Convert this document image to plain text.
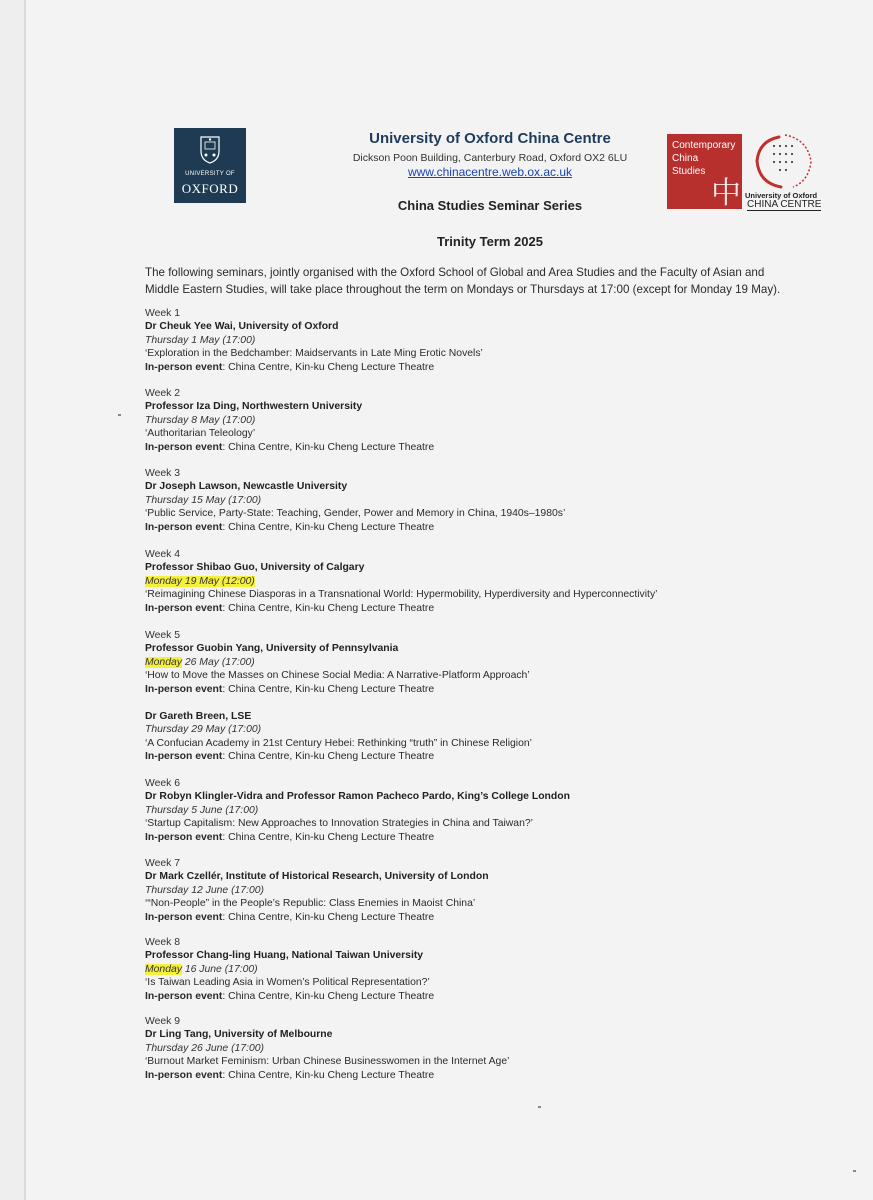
UNIVERSITY OF
OXFORD
University of Oxford China Centre
Dickson Poon Building, Canterbury Road, Oxford OX2 6LU
www.chinacentre.web.ox.ac.uk
China Studies Seminar Series
Trinity Term 2025
Contemporary
China
Studies
中 University of Oxford
CHINA CENTRE
The following seminars, jointly organised with the Oxford School of Global and Area Studies and the Faculty of Asian and Middle Eastern Studies, will take place throughout the term on Mondays or Thursdays at 17:00 (except for Monday 19 May).
Week 1
Dr Cheuk Yee Wai, University of Oxford
Thursday 1 May (17:00)
‘Exploration in the Bedchamber: Maidservants in Late Ming Erotic Novels’
In-person event: China Centre, Kin-ku Cheng Lecture Theatre
Week 2
Professor Iza Ding, Northwestern University
Thursday 8 May (17:00)
‘Authoritarian Teleology’
In-person event: China Centre, Kin-ku Cheng Lecture Theatre
Week 3
Dr Joseph Lawson, Newcastle University
Thursday 15 May (17:00)
‘Public Service, Party-State: Teaching, Gender, Power and Memory in China, 1940s–1980s’
In-person event: China Centre, Kin-ku Cheng Lecture Theatre
Week 4
Professor Shibao Guo, University of Calgary
Monday 19 May (12:00)
‘Reimagining Chinese Diasporas in a Transnational World: Hypermobility, Hyperdiversity and Hyperconnectivity’
In-person event: China Centre, Kin-ku Cheng Lecture Theatre
Week 5
Professor Guobin Yang, University of Pennsylvania
Monday 26 May (17:00)
‘How to Move the Masses on Chinese Social Media: A Narrative-Platform Approach’
In-person event: China Centre, Kin-ku Cheng Lecture Theatre
Dr Gareth Breen, LSE
Thursday 29 May (17:00)
‘A Confucian Academy in 21st Century Hebei: Rethinking “truth” in Chinese Religion’
In-person event: China Centre, Kin-ku Cheng Lecture Theatre
Week 6
Dr Robyn Klingler-Vidra and Professor Ramon Pacheco Pardo, King’s College London
Thursday 5 June (17:00)
‘Startup Capitalism: New Approaches to Innovation Strategies in China and Taiwan?’
In-person event: China Centre, Kin-ku Cheng Lecture Theatre
Week 7
Dr Mark Czellér, Institute of Historical Research, University of London
Thursday 12 June (17:00)
‘“Non-People” in the People’s Republic: Class Enemies in Maoist China’
In-person event: China Centre, Kin-ku Cheng Lecture Theatre
Week 8
Professor Chang-ling Huang, National Taiwan University
Monday 16 June (17:00)
‘Is Taiwan Leading Asia in Women’s Political Representation?’
In-person event: China Centre, Kin-ku Cheng Lecture Theatre
Week 9
Dr Ling Tang, University of Melbourne
Thursday 26 June (17:00)
‘Burnout Market Feminism: Urban Chinese Businesswomen in the Internet Age’
In-person event: China Centre, Kin-ku Cheng Lecture Theatre
